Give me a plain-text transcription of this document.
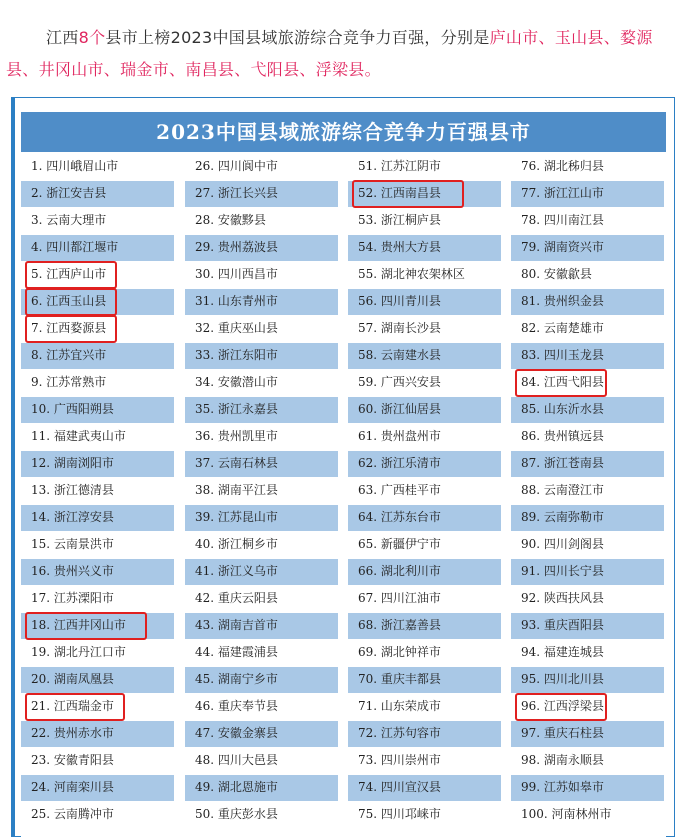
江西8个县市上榜2023中国县域旅游综合竞争力百强，分别是庐山市、玉山县、婺源县、井冈山市、瑞金市、南昌县、弋阳县、浮梁县。
2023中国县域旅游综合竞争力百强县市
1. 四川峨眉山市
2. 浙江安吉县
3. 云南大理市
4. 四川都江堰市
5. 江西庐山市
6. 江西玉山县
7. 江西婺源县
8. 江苏宜兴市
9. 江苏常熟市
10. 广西阳朔县
11. 福建武夷山市
12. 湖南浏阳市
13. 浙江德清县
14. 浙江淳安县
15. 云南景洪市
16. 贵州兴义市
17. 江苏溧阳市
18. 江西井冈山市
19. 湖北丹江口市
20. 湖南凤凰县
21. 江西瑞金市
22. 贵州赤水市
23. 安徽青阳县
24. 河南栾川县
25. 云南腾冲市
26. 四川阆中市
27. 浙江长兴县
28. 安徽黟县
29. 贵州荔波县
30. 四川西昌市
31. 山东青州市
32. 重庆巫山县
33. 浙江东阳市
34. 安徽潜山市
35. 浙江永嘉县
36. 贵州凯里市
37. 云南石林县
38. 湖南平江县
39. 江苏昆山市
40. 浙江桐乡市
41. 浙江义乌市
42. 重庆云阳县
43. 湖南吉首市
44. 福建霞浦县
45. 湖南宁乡市
46. 重庆奉节县
47. 安徽金寨县
48. 四川大邑县
49. 湖北恩施市
50. 重庆彭水县
51. 江苏江阴市
52. 江西南昌县
53. 浙江桐庐县
54. 贵州大方县
55. 湖北神农架林区
56. 四川青川县
57. 湖南长沙县
58. 云南建水县
59. 广西兴安县
60. 浙江仙居县
61. 贵州盘州市
62. 浙江乐清市
63. 广西桂平市
64. 江苏东台市
65. 新疆伊宁市
66. 湖北利川市
67. 四川江油市
68. 浙江嘉善县
69. 湖北钟祥市
70. 重庆丰都县
71. 山东荣成市
72. 江苏句容市
73. 四川崇州市
74. 四川宣汉县
75. 四川邛崃市
76. 湖北秭归县
77. 浙江江山市
78. 四川南江县
79. 湖南资兴市
80. 安徽歙县
81. 贵州织金县
82. 云南楚雄市
83. 四川玉龙县
84. 江西弋阳县
85. 山东沂水县
86. 贵州镇远县
87. 浙江苍南县
88. 云南澄江市
89. 云南弥勒市
90. 四川剑阁县
91. 四川长宁县
92. 陕西扶风县
93. 重庆酉阳县
94. 福建连城县
95. 四川北川县
96. 江西浮梁县
97. 重庆石柱县
98. 湖南永顺县
99. 江苏如皋市
100. 河南林州市
